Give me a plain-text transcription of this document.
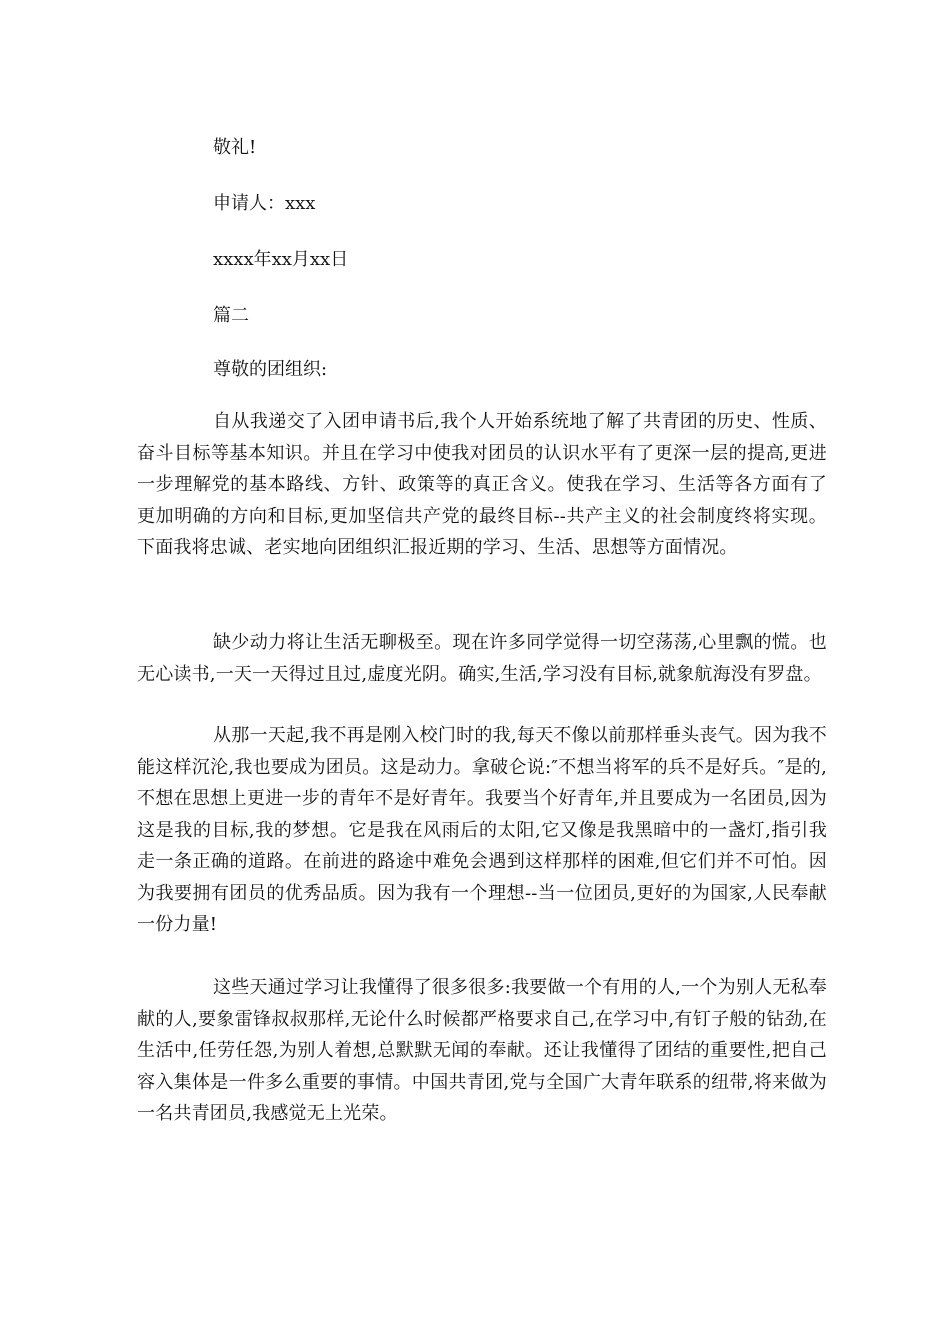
敬礼!
申请人：xxx
xxxx年xx月xx日
篇二
尊敬的团组织:
自从我递交了入团申请书后,我个人开始系统地了解了共青团的历史、性质、奋斗目标等基本知识。并且在学习中使我对团员的认识水平有了更深一层的提高,更进一步理解党的基本路线、方针、政策等的真正含义。使我在学习、生活等各方面有了更加明确的方向和目标,更加坚信共产党的最终目标--共产主义的社会制度终将实现。下面我将忠诚、老实地向团组织汇报近期的学习、生活、思想等方面情况。
缺少动力将让生活无聊极至。现在许多同学觉得一切空荡荡,心里飘的慌。也无心读书,一天一天得过且过,虚度光阴。确实,生活,学习没有目标,就象航海没有罗盘。
从那一天起,我不再是刚入校门时的我,每天不像以前那样垂头丧气。因为我不能这样沉沦,我也要成为团员。这是动力。拿破仑说:″不想当将军的兵不是好兵。″是的,不想在思想上更进一步的青年不是好青年。我要当个好青年,并且要成为一名团员,因为这是我的目标,我的梦想。它是我在风雨后的太阳,它又像是我黑暗中的一盏灯,指引我走一条正确的道路。在前进的路途中难免会遇到这样那样的困难,但它们并不可怕。因为我要拥有团员的优秀品质。因为我有一个理想--当一位团员,更好的为国家,人民奉献一份力量!
这些天通过学习让我懂得了很多很多:我要做一个有用的人,一个为别人无私奉献的人,要象雷锋叔叔那样,无论什么时候都严格要求自己,在学习中,有钉子般的钻劲,在生活中,任劳任怨,为别人着想,总默默无闻的奉献。还让我懂得了团结的重要性,把自己容入集体是一件多么重要的事情。中国共青团,党与全国广大青年联系的纽带,将来做为一名共青团员,我感觉无上光荣。
